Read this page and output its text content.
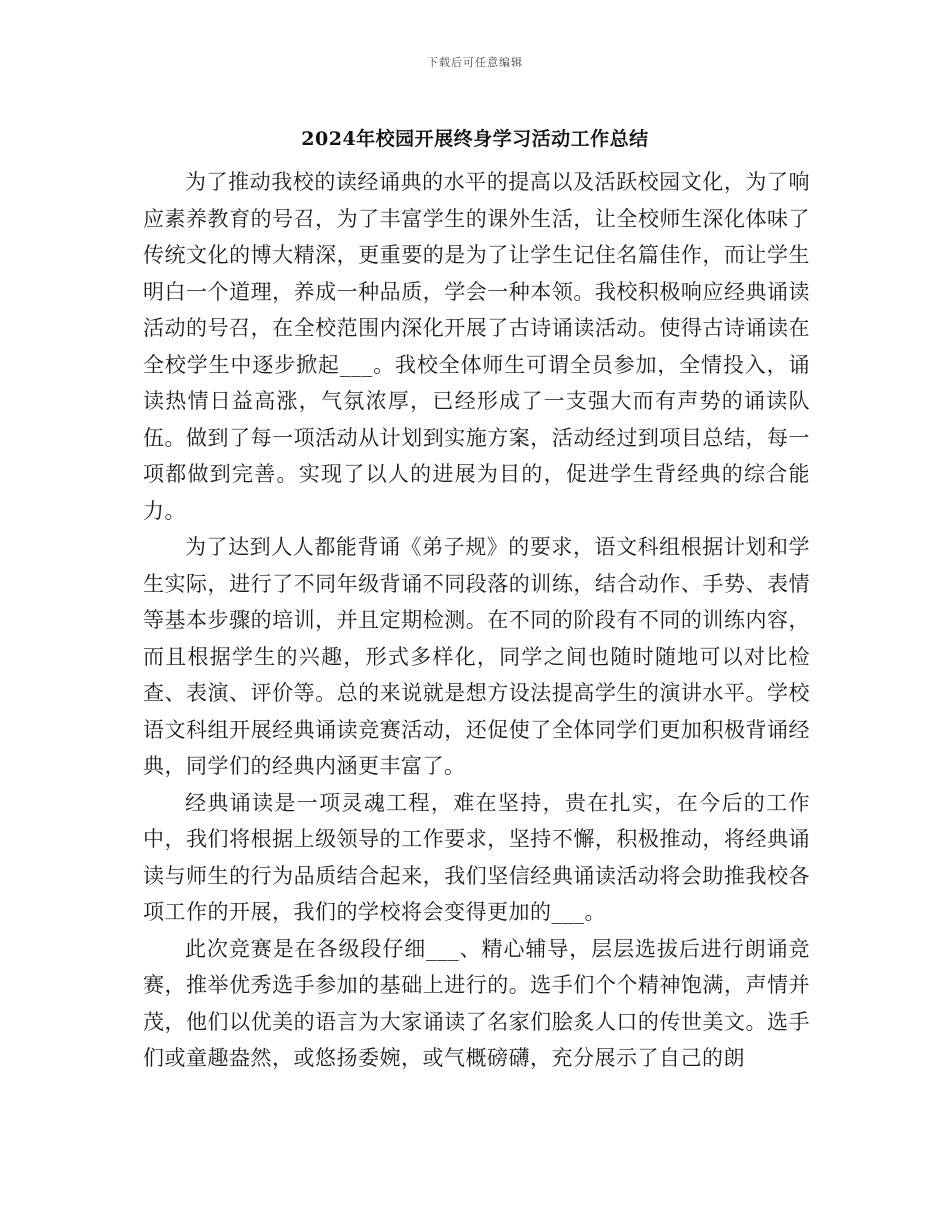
下载后可任意编辑
2024年校园开展终身学习活动工作总结

为了推动我校的读经诵典的水平的提高以及活跃校园文化，为了响应素养教育的号召，为了丰富学生的课外生活，让全校师生深化体味了传统文化的博大精深，更重要的是为了让学生记住名篇佳作，而让学生明白一个道理，养成一种品质，学会一种本领。我校积极响应经典诵读活动的号召，在全校范围内深化开展了古诗诵读活动。使得古诗诵读在全校学生中逐步掀起___。我校全体师生可谓全员参加，全情投入，诵读热情日益高涨，气氛浓厚，已经形成了一支强大而有声势的诵读队伍。做到了每一项活动从计划到实施方案，活动经过到项目总结，每一项都做到完善。实现了以人的进展为目的，促进学生背经典的综合能力。

为了达到人人都能背诵《弟子规》的要求，语文科组根据计划和学生实际，进行了不同年级背诵不同段落的训练，结合动作、手势、表情等基本步骤的培训，并且定期检测。在不同的阶段有不同的训练内容，而且根据学生的兴趣，形式多样化，同学之间也随时随地可以对比检查、表演、评价等。总的来说就是想方设法提高学生的演讲水平。学校语文科组开展经典诵读竞赛活动，还促使了全体同学们更加积极背诵经典，同学们的经典内涵更丰富了。

经典诵读是一项灵魂工程，难在坚持，贵在扎实，在今后的工作中，我们将根据上级领导的工作要求，坚持不懈，积极推动，将经典诵读与师生的行为品质结合起来，我们坚信经典诵读活动将会助推我校各项工作的开展，我们的学校将会变得更加的___。

此次竞赛是在各级段仔细___、精心辅导，层层选拔后进行朗诵竞赛，推举优秀选手参加的基础上进行的。选手们个个精神饱满，声情并茂，他们以优美的语言为大家诵读了名家们脍炙人口的传世美文。选手们或童趣盎然，或悠扬委婉，或气概磅礴，充分展示了自己的朗
